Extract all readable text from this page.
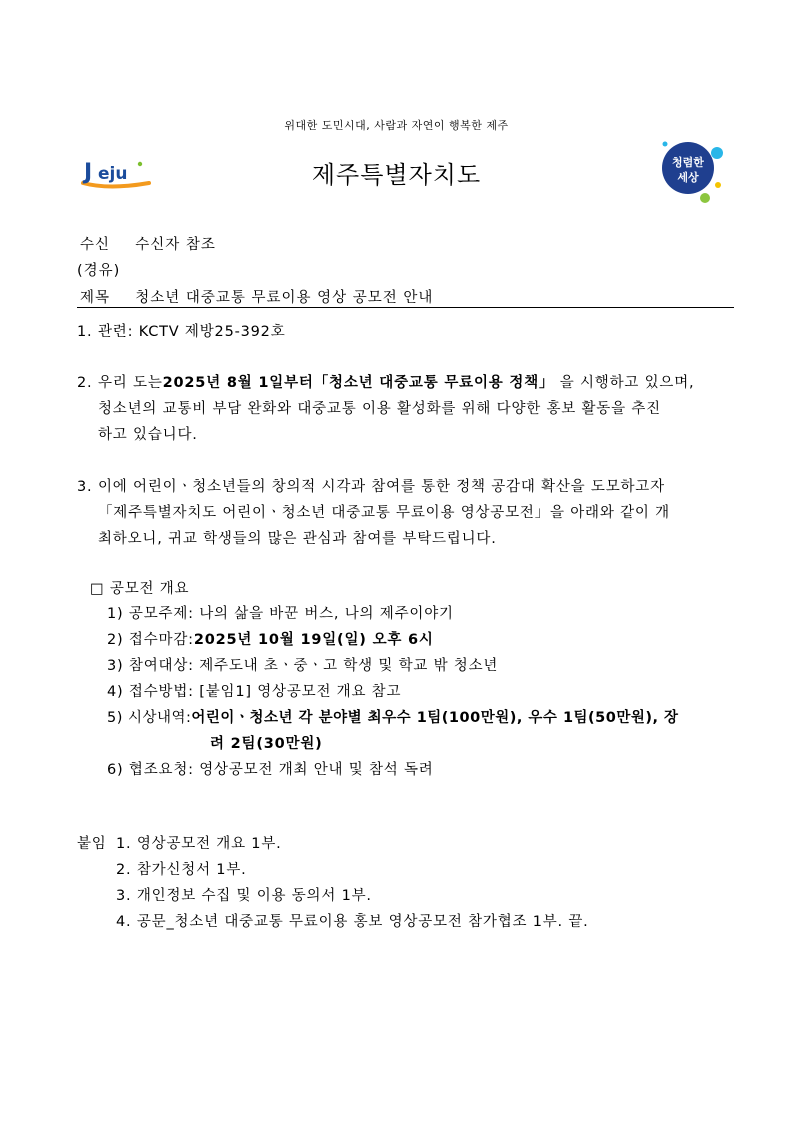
위대한 도민시대, 사람과 자연이 행복한 제주
J eju	제주특별자치도	청렴한
세상
수신 수신자 참조
(경유)
제목 청소년 대중교통 무료이용 영상 공모전 안내
1. 관련: KCTV 제방25-392호
2. 우리 도는2025년 8월 1일부터「청소년 대중교통 무료이용 정책」 을 시행하고 있으며,
청소년의 교통비 부담 완화와 대중교통 이용 활성화를 위해 다양한 홍보 활동을 추진
하고 있습니다.
3. 이에 어린이ㆍ청소년들의 창의적 시각과 참여를 통한 정책 공감대 확산을 도모하고자
「제주특별자치도 어린이ㆍ청소년 대중교통 무료이용 영상공모전」을 아래와 같이 개
최하오니, 귀교 학생들의 많은 관심과 참여를 부탁드립니다.
□ 공모전 개요
1) 공모주제: 나의 삶을 바꾼 버스, 나의 제주이야기
2) 접수마감:2025년 10월 19일(일) 오후 6시
3) 참여대상: 제주도내 초ㆍ중ㆍ고 학생 및 학교 밖 청소년
4) 접수방법: [붙임1] 영상공모전 개요 참고
5) 시상내역:어린이ㆍ청소년 각 분야별 최우수 1팀(100만원), 우수 1팀(50만원), 장
려 2팀(30만원)
6) 협조요청: 영상공모전 개최 안내 및 참석 독려
붙임 1. 영상공모전 개요 1부.
2. 참가신청서 1부.
3. 개인정보 수집 및 이용 동의서 1부.
4. 공문_청소년 대중교통 무료이용 홍보 영상공모전 참가협조 1부. 끝.
